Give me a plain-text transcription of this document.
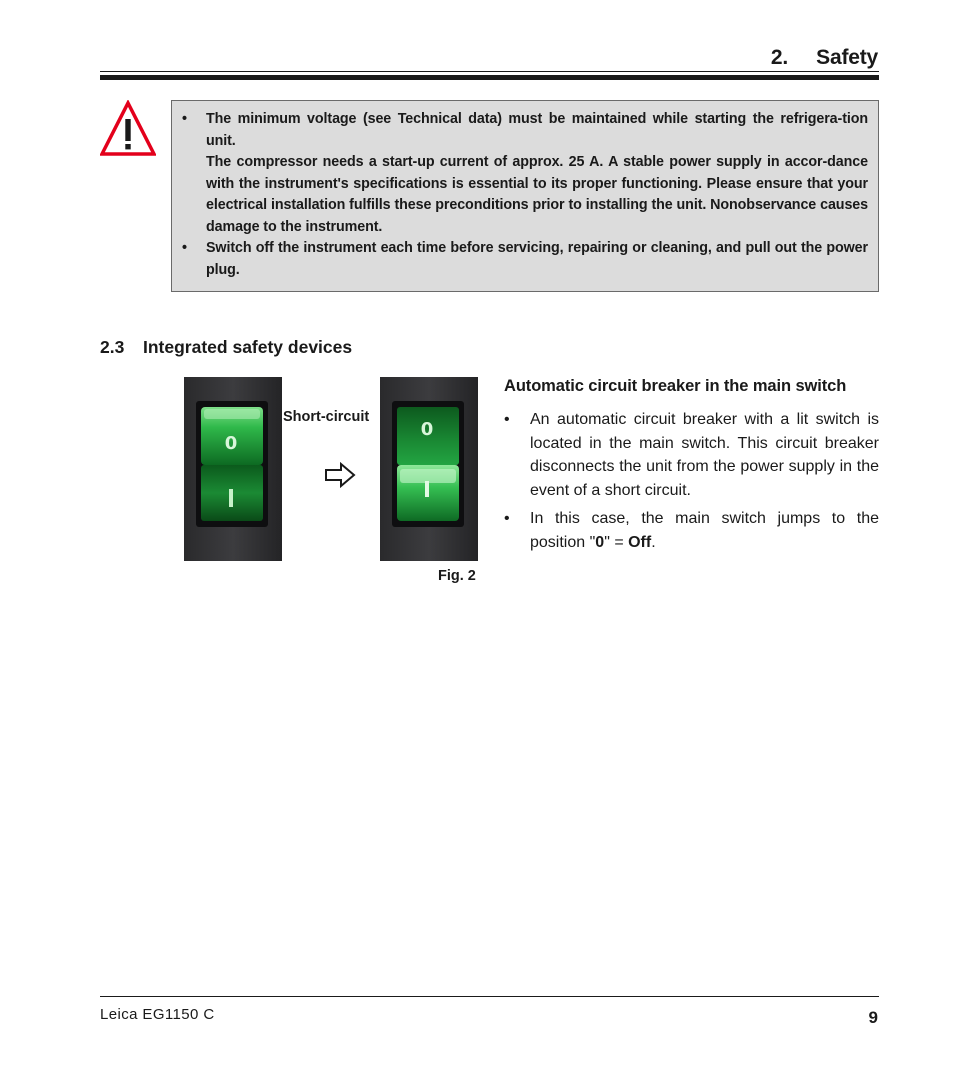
2.     Safety

• The minimum voltage (see Technical data) must be maintained while starting the refrigera-tion unit.

The compressor needs a start-up current of approx. 25 A. A stable power supply in accor-dance with the instrument's specifications is essential to its proper functioning. Please ensure that your electrical installation fulfills these preconditions prior to installing the unit. Nonobservance causes damage to the instrument.

• Switch off the instrument each time before servicing, repairing or cleaning, and pull out the power plug.

2.3 Integrated safety devices
0
Short-circuit
0
Fig. 2
Automatic circuit breaker in the main switch
• An automatic circuit breaker with a lit switch is located in the main switch. This circuit breaker disconnects the unit from the power supply in the event of a short circuit.
• In this case, the main switch jumps to the position "0" = Off.
Leica EG1150 C	9
